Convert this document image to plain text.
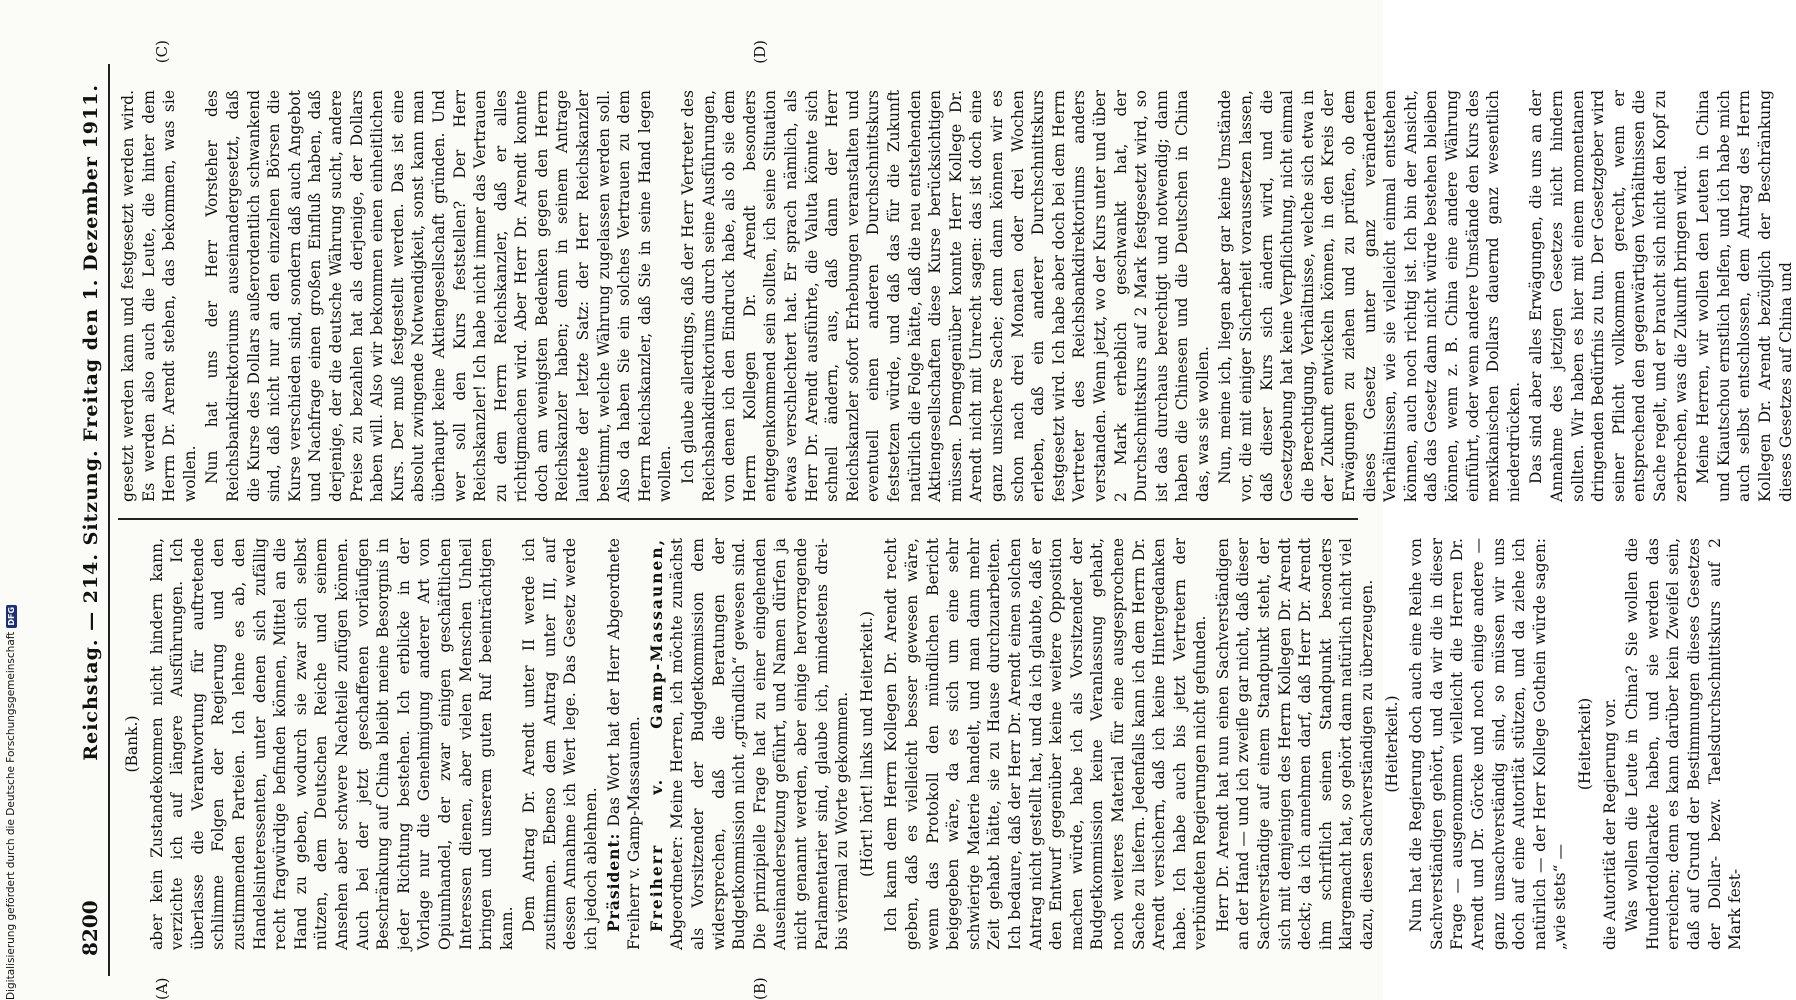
8200
Reichstag. — 214. Sitzung. Freitag den 1. Dezember 1911.
(A)	(B)

(Bank.) aber kein Zustandekommen nicht hindern kann, verzichte ich auf längere Ausführungen. Ich überlasse die Verantwortung für auftretende schlimme Folgen der Regierung und den zustimmenden Parteien. Ich lehne es ab, den Handelsinteressenten, unter denen sich zufällig recht fragwürdige befinden können, Mittel an die Hand zu geben, wodurch sie zwar sich selbst nützen, dem Deutschen Reiche und seinem Ansehen aber schwere Nachteile zufügen können. Auch bei der jetzt geschaffenen vorläufigen Beschränkung auf China bleibt meine Besorgnis in jeder Richtung bestehen. Ich erblicke in der Vorlage nur die Genehmigung anderer Art von Opiumhandel, der zwar einigen geschäftlichen Interessen dienen, aber vielen Menschen Unheil bringen und unserem guten Ruf beeinträchtigen kann. Dem Antrag Dr. Arendt unter II werde ich zustimmen. Ebenso dem Antrag unter III, auf dessen Annahme ich Wert lege. Das Gesetz werde ich jedoch ablehnen. Präsident: Das Wort hat der Herr Abgeordnete Freiherr v. Gamp-Massaunen. Freiherr v. Gamp-Massaunen, Abgeordneter: Meine Herren, ich möchte zunächst als Vorsitzender der Budgetkommission dem widersprechen, daß die Beratungen der Budgetkommission nicht „gründlich“ gewesen sind. Die prinzipielle Frage hat zu einer eingehenden Auseinandersetzung geführt, und Namen dürfen ja nicht genannt werden, aber einige hervorragende Parlamentarier sind, glaube ich, mindestens drei- bis viermal zu Worte gekommen. (Hört! hört! links und Heiterkeit.) Ich kann dem Herrn Kollegen Dr. Arendt recht geben, daß es vielleicht besser gewesen wäre, wenn das Protokoll den mündlichen Bericht beigegeben wäre, da es sich um eine sehr schwierige Materie handelt, und man dann mehr Zeit gehabt hätte, sie zu Hause durchzuarbeiten. Ich bedaure, daß der Herr Dr. Arendt einen solchen Antrag nicht gestellt hat, und da ich glaubte, daß er den Entwurf gegenüber keine weitere Opposition machen würde, habe ich als Vorsitzender der Budgetkommission keine Veranlassung gehabt, noch weiteres Material für eine ausgesprochene Sache zu liefern. Jedenfalls kann ich dem Herrn Dr. Arendt versichern, daß ich keine Hintergedanken habe. Ich habe auch bis jetzt Vertretern der verbündeten Regierungen nicht gefunden. Herr Dr. Arendt hat nun einen Sachverständigen an der Hand — und ich zweifle gar nicht, daß dieser Sachverständige auf einem Standpunkt steht, der sich mit demjenigen des Herrn Kollegen Dr. Arendt deckt; da ich annehmen darf, daß Herr Dr. Arendt ihm schriftlich seinen Standpunkt besonders klargemacht hat, so gehört dann natürlich nicht viel dazu, diesen Sachverständigen zu überzeugen. (Heiterkeit.) Nun hat die Regierung doch auch eine Reihe von Sachverständigen gehört, und da wir die in dieser Frage — ausgenommen vielleicht die Herren Dr. Arendt und Dr. Görcke und noch einige andere — ganz unsachverständig sind, so müssen wir uns doch auf eine Autorität stützen, und da ziehe ich natürlich — der Herr Kollege Gothein würde sagen: „wie stets“ —

(Heiterkeit) die Autorität der Regierung vor. Was wollen die Leute in China? Sie wollen die Hundertdollarakte haben, und sie werden das erreichen; denn es kann darüber kein Zweifel sein, daß auf Grund der Bestimmungen dieses Gesetzes der Dollar- bezw. Taelsdurchschnittskurs auf 2 Mark fest-

(C)	(D)

gesetzt werden kann und festgesetzt werden wird. Es werden also auch die Leute, die hinter dem Herrn Dr. Arendt stehen, das bekommen, was sie wollen. Nun hat uns der Herr Vorsteher des Reichsbankdirektoriums auseinandergesetzt, daß die Kurse des Dollars außerordentlich schwankend sind, daß nicht nur an den einzelnen Börsen die Kurse verschieden sind, sondern daß auch Angebot und Nachfrage einen großen Einfluß haben, daß derjenige, der die deutsche Währung sucht, andere Preise zu bezahlen hat als derjenige, der Dollars haben will. Also wir bekommen einen einheitlichen Kurs. Der muß festgestellt werden. Das ist eine absolut zwingende Notwendigkeit, sonst kann man überhaupt keine Aktiengesellschaft gründen. Und wer soll den Kurs feststellen? Der Herr Reichskanzler! Ich habe nicht immer das Vertrauen zu dem Herrn Reichskanzler, daß er alles richtigmachen wird. Aber Herr Dr. Arendt konnte doch am wenigsten Bedenken gegen den Herrn Reichskanzler haben; denn in seinem Antrage lautete der letzte Satz: der Herr Reichskanzler bestimmt, welche Währung zugelassen werden soll. Also da haben Sie ein solches Vertrauen zu dem Herrn Reichskanzler, daß Sie in seine Hand legen wollen. Ich glaube allerdings, daß der Herr Vertreter des Reichsbankdirektoriums durch seine Ausführungen, von denen ich den Eindruck habe, als ob sie dem Herrn Kollegen Dr. Arendt besonders entgegenkommend sein sollten, ich seine Situation etwas verschlechtert hat. Er sprach nämlich, als Herr Dr. Arendt ausführte, die Valuta könnte sich schnell ändern, aus, daß dann der Herr Reichskanzler sofort Erhebungen veranstalten und eventuell einen anderen Durchschnittskurs festsetzen würde, und daß das für die Zukunft natürlich die Folge hätte, daß die neu entstehenden Aktiengesellschaften diese Kurse berücksichtigen müssen. Demgegenüber konnte Herr Kollege Dr. Arendt nicht mit Unrecht sagen: das ist doch eine ganz unsichere Sache; denn dann können wir es schon nach drei Monaten oder drei Wochen erleben, daß ein anderer Durchschnittskurs festgesetzt wird. Ich habe aber doch bei dem Herrn Vertreter des Reichsbankdirektoriums anders verstanden. Wenn jetzt, wo der Kurs unter und über 2 Mark erheblich geschwankt hat, der Durchschnittskurs auf 2 Mark festgesetzt wird, so ist das durchaus berechtigt und notwendig; dann haben die Chinesen und die Deutschen in China das, was sie wollen. Nun, meine ich, liegen aber gar keine Umstände vor, die mit einiger Sicherheit voraussetzen lassen, daß dieser Kurs sich ändern wird, und die Gesetzgebung hat keine Verpflichtung, nicht einmal die Berechtigung, Verhältnisse, welche sich etwa in der Zukunft entwickeln können, in den Kreis der Erwägungen zu ziehen und zu prüfen, ob dem dieses Gesetz unter ganz veränderten Verhältnissen, wie sie vielleicht einmal entstehen können, auch noch richtig ist. Ich bin der Ansicht, daß das Gesetz dann nicht würde bestehen bleiben können, wenn z. B. China eine andere Währung einführt, oder wenn andere Umstände den Kurs des mexikanischen Dollars dauernd ganz wesentlich niederdrücken. Das sind aber alles Erwägungen, die uns an der Annahme des jetzigen Gesetzes nicht hindern sollten. Wir haben es hier mit einem momentanen dringenden Bedürfnis zu tun. Der Gesetzgeber wird seiner Pflicht vollkommen gerecht, wenn er entsprechend den gegenwärtigen Verhältnissen die Sache regelt, und er braucht sich nicht den Kopf zu zerbrechen, was die Zukunft bringen wird. Meine Herren, wir wollen den Leuten in China und Kiautschou ernstlich helfen, und ich habe mich auch selbst entschlossen, dem Antrag des Herrn Kollegen Dr. Arendt bezüglich der Beschränkung dieses Gesetzes auf China und

Digitalisierung gefördert durch die Deutsche Forschungsgemeinschaft
DFG
